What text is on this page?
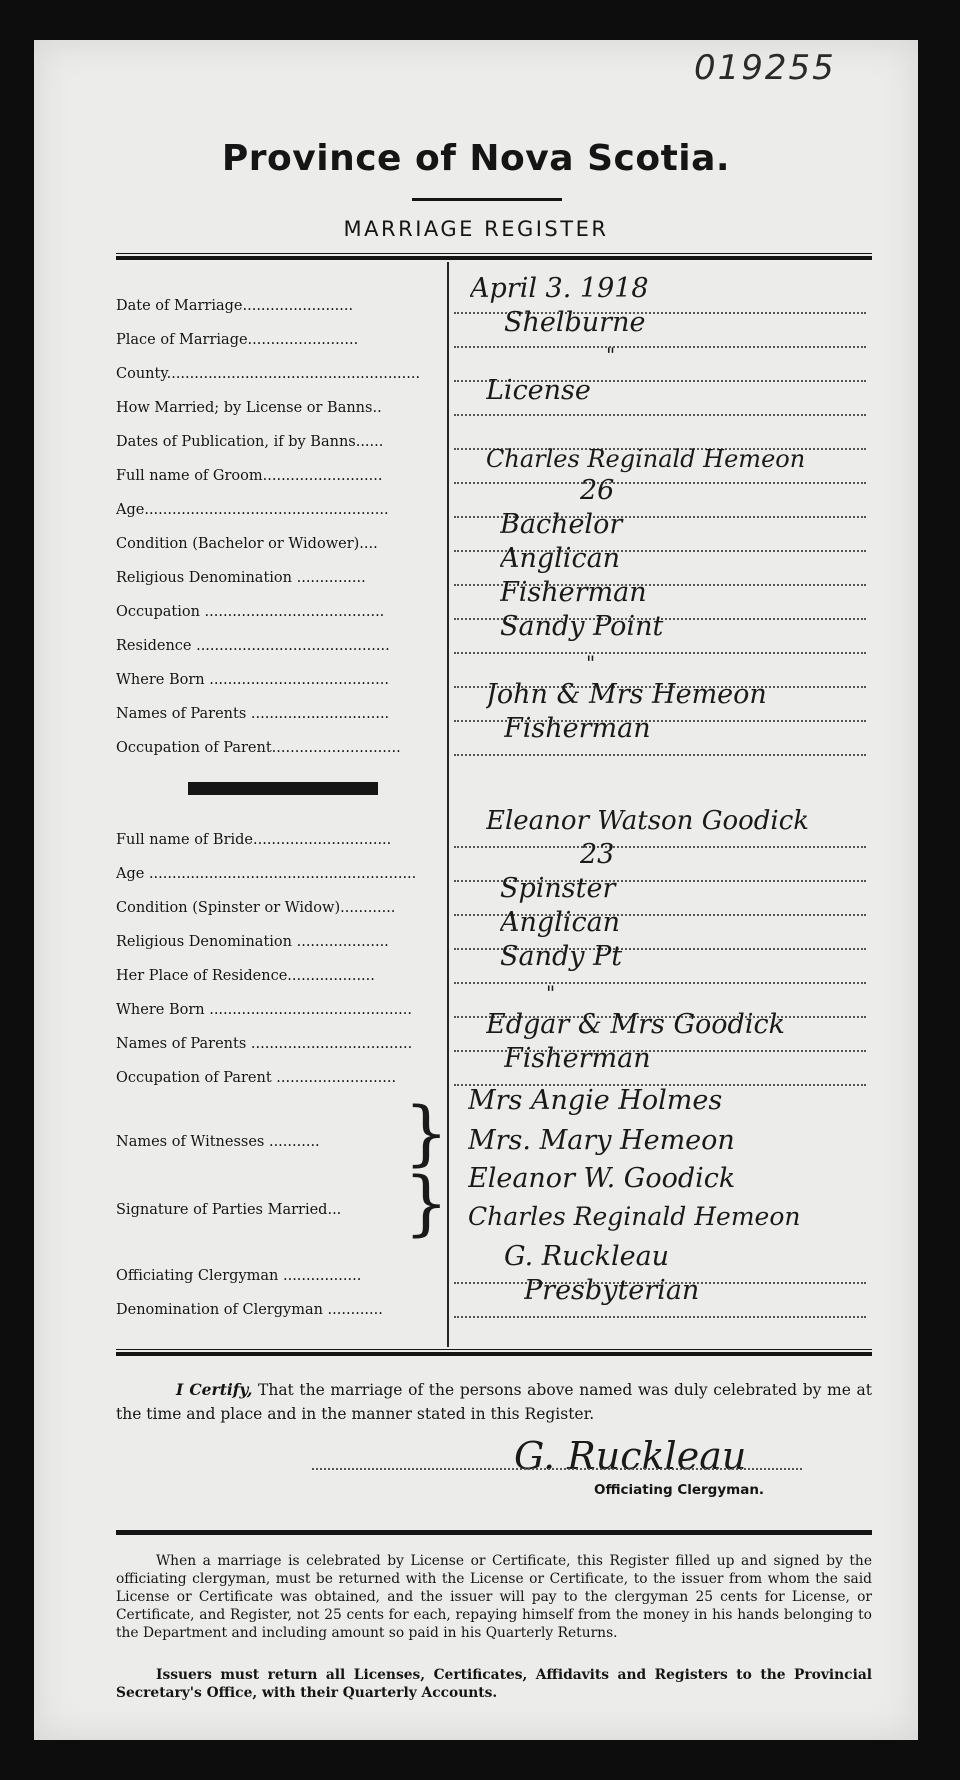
019255
Province of Nova Scotia.
MARRIAGE REGISTER
Date of Marriage........................
April 3. 1918
Place of Marriage........................
Shelburne
County.......................................................
"
How Married; by License or Banns..
License
Dates of Publication, if by Banns......
Full name of Groom..........................
Charles Reginald Hemeon
Age.....................................................
26
Condition (Bachelor or Widower)....
Bachelor
Religious Denomination ...............
Anglican
Occupation .......................................
Fisherman
Residence ..........................................
Sandy Point
Where Born .......................................
"
Names of Parents ..............................
John & Mrs Hemeon
Occupation of Parent............................
Fisherman
Full name of Bride..............................
Eleanor Watson Goodick
Age ..........................................................
23
Condition (Spinster or Widow)............
Spinster
Religious Denomination ....................
Anglican
Her Place of Residence...................
Sandy Pt
Where Born ............................................
"
Names of Parents ...................................
Edgar & Mrs Goodick
Occupation of Parent ..........................
Fisherman
Names of Witnesses ...........	} Mrs Angie Holmes
Mrs. Mary Hemeon
Signature of Parties Married... } Eleanor W. Goodick
Charles Reginald Hemeon
Officiating Clergyman .................
G. Ruckleau
Denomination of Clergyman ............
Presbyterian
I Certify, That the marriage of the persons above named was duly celebrated by me at the time and place and in the manner stated in this Register.
G. Ruckleau
Officiating Clergyman.
When a marriage is celebrated by License or Certificate, this Register filled up and signed by the officiating clergyman, must be returned with the License or Certificate, to the issuer from whom the said License or Certificate was obtained, and the issuer will pay to the clergyman 25 cents for License, or Certificate, and Register, not 25 cents for each, repaying himself from the money in his hands belonging to the Department and including amount so paid in his Quarterly Returns.
Issuers must return all Licenses, Certificates, Affidavits and Registers to the Provincial Secretary's Office, with their Quarterly Accounts.
